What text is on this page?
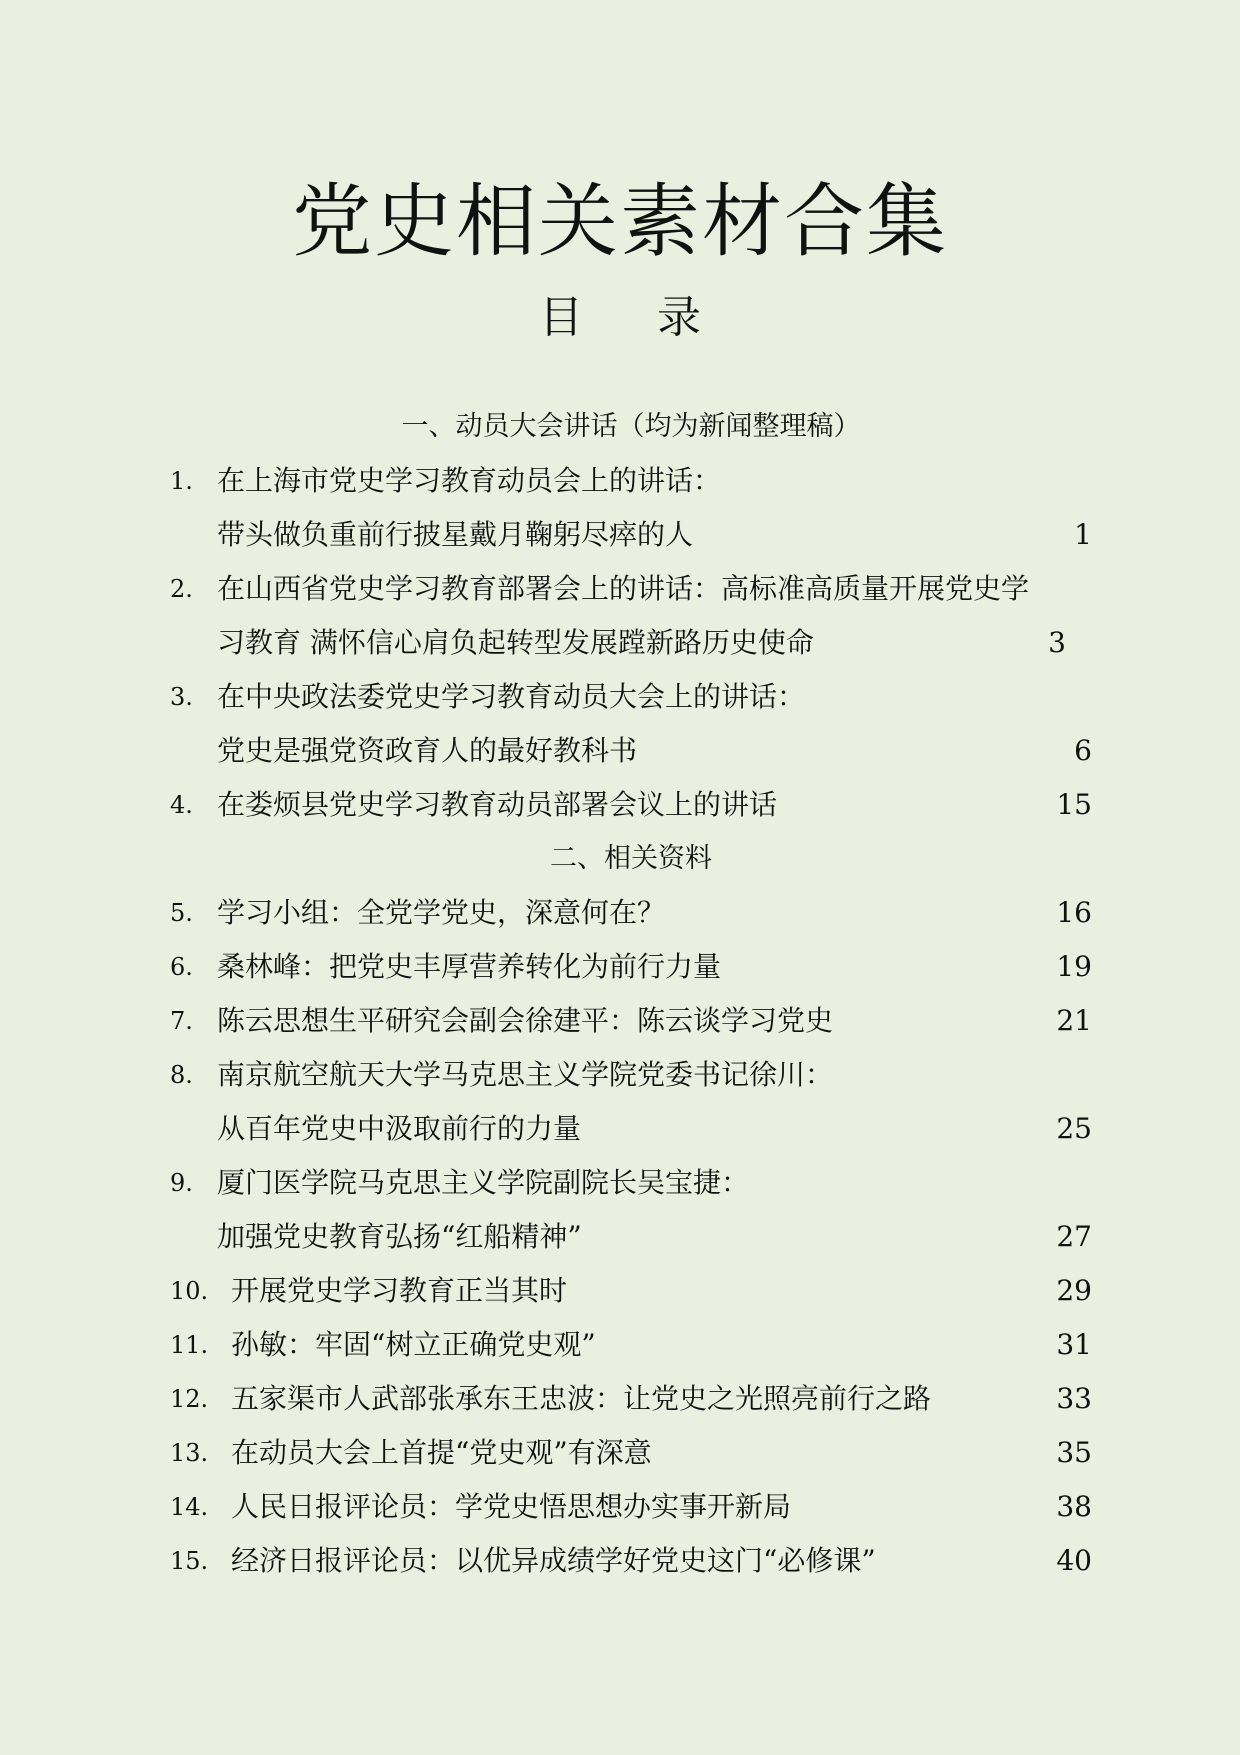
党史相关素材合集
目 录
一、动员大会讲话（均为新闻整理稿）
1. 在上海市党史学习教育动员会上的讲话：
带头做负重前行披星戴月鞠躬尽瘁的人	1
2. 在山西省党史学习教育部署会上的讲话：高标准高质量开展党史学
习教育 满怀信心肩负起转型发展蹚新路历史使命	3
3. 在中央政法委党史学习教育动员大会上的讲话：
党史是强党资政育人的最好教科书	6
4. 在娄烦县党史学习教育动员部署会议上的讲话	15
二、相关资料
5. 学习小组：全党学党史，深意何在？	16
6. 桑林峰：把党史丰厚营养转化为前行力量	19
7. 陈云思想生平研究会副会徐建平：陈云谈学习党史	21
8. 南京航空航天大学马克思主义学院党委书记徐川：
从百年党史中汲取前行的力量	25
9. 厦门医学院马克思主义学院副院长吴宝捷：
加强党史教育弘扬“红船精神”	27
10. 开展党史学习教育正当其时	29
11. 孙敏：牢固“树立正确党史观”	31
12. 五家渠市人武部张承东王忠波：让党史之光照亮前行之路	33
13. 在动员大会上首提“党史观”有深意	35
14. 人民日报评论员：学党史悟思想办实事开新局	38
15. 经济日报评论员：以优异成绩学好党史这门“必修课”	40
